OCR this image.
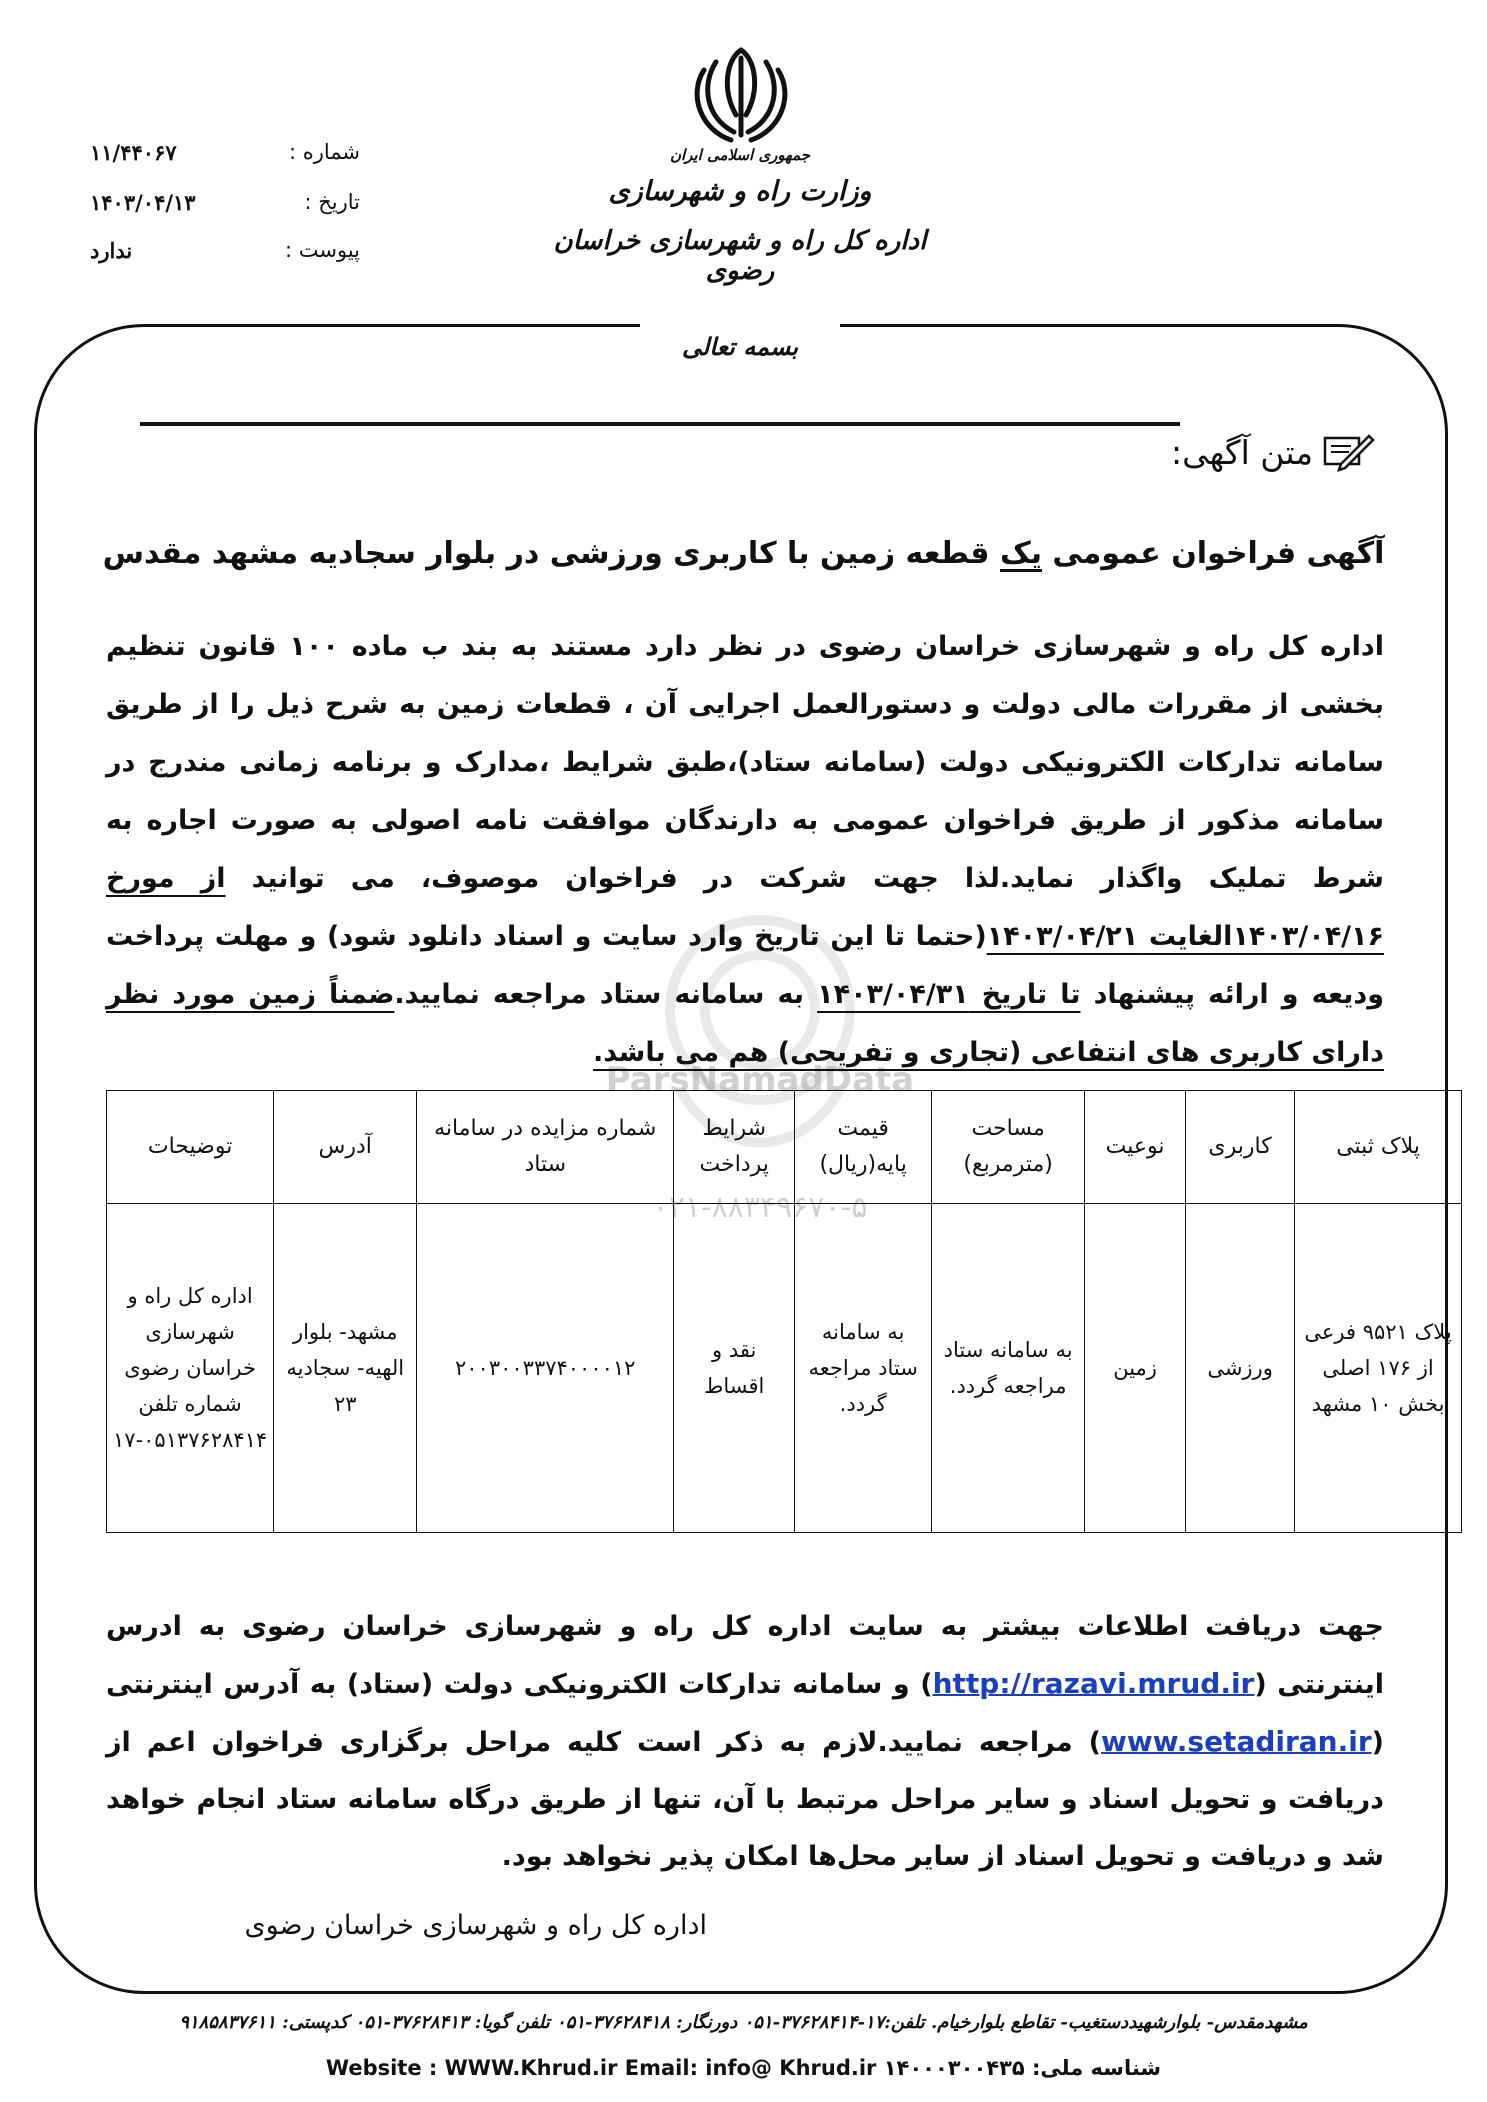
جمهوری اسلامی ایران
وزارت راه و شهرسازی
اداره کل راه و شهرسازی خراسان رضوی
شماره :
۱۱/۴۴۰۶۷
تاریخ :
۱۴۰۳/۰۴/۱۳
پیوست :
ندارد
بسمه تعالی
متن آگهی:
آگهی فراخوان عمومی یک قطعه زمین با کاربری ورزشی در بلوار سجادیه مشهد مقدس
ParsNamadData
۰۲۱-۸۸۳۴۹۶۷۰-۵
اداره کل راه و شهرسازی خراسان رضوی در نظر دارد مستند به بند ب ماده ۱۰۰ قانون تنظیم بخشی از مقررات مالی دولت و دستورالعمل اجرایی آن ، قطعات زمین به شرح ذیل را از طریق سامانه تدارکات الکترونیکی دولت (سامانه ستاد)،طبق شرایط ،مدارک و برنامه زمانی مندرج در سامانه مذکور از طریق فراخوان عمومی به دارندگان موافقت نامه اصولی به صورت اجاره به شرط تملیک واگذار نماید.لذا جهت شرکت در فراخوان موصوف، می توانید از مورخ ۱۴۰۳/۰۴/۱۶الغایت ۱۴۰۳/۰۴/۲۱(حتما تا این تاریخ وارد سایت و اسناد دانلود شود) و مهلت پرداخت ودیعه و ارائه پیشنهاد تا تاریخ ۱۴۰۳/۰۴/۳۱ به سامانه ستاد مراجعه نمایید.ضمناً زمین مورد نظر دارای کاربری های انتفاعی (تجاری و تفریحی) هم می باشد.
پلاک ثبتی	کاربری	نوعیت	مساحت (مترمربع)	قیمت پایه(ریال)	شرایط پرداخت	شماره مزایده در سامانه ستاد	آدرس	توضیحات
پلاک ۹۵۲۱ فرعی از ۱۷۶ اصلی بخش ۱۰ مشهد	ورزشی	زمین	به سامانه ستاد مراجعه گردد.	به سامانه ستاد مراجعه گردد.	نقد و اقساط	۲۰۰۳۰۰۳۳۷۴۰۰۰۰۱۲	مشهد- بلوار الهیه- سجادیه ۲۳	اداره کل راه و شهرسازی خراسان رضوی شماره تلفن ۰۵۱۳۷۶۲۸۴۱۴-۱۷
جهت دریافت اطلاعات بیشتر به سایت اداره کل راه و شهرسازی خراسان رضوی به ادرس اینترنتی (http://razavi.mrud.ir) و سامانه تدارکات الکترونیکی دولت (ستاد) به آدرس اینترنتی (www.setadiran.ir) مراجعه نمایید.لازم به ذکر است کلیه مراحل برگزاری فراخوان اعم از دریافت و تحویل اسناد و سایر مراحل مرتبط با آن، تنها از طریق درگاه سامانه ستاد انجام خواهد شد و دریافت و تحویل اسناد از سایر محل‌ها امکان پذیر نخواهد بود.
اداره کل راه و شهرسازی خراسان رضوی
مشهدمقدس- بلوارشهیددستغیب- تقاطع بلوارخیام. تلفن:۱۷-۳۷۶۲۸۴۱۴-۰۵۱ دورنگار: ۳۷۶۲۸۴۱۸-۰۵۱ تلفن گویا: ۳۷۶۲۸۴۱۳-۰۵۱ کدپستی: ۹۱۸۵۸۳۷۶۱۱
شناسه ملی: ۱۴۰۰۰۳۰۰۴۳۵ Website : WWW.Khrud.ir Email: info@ Khrud.ir
